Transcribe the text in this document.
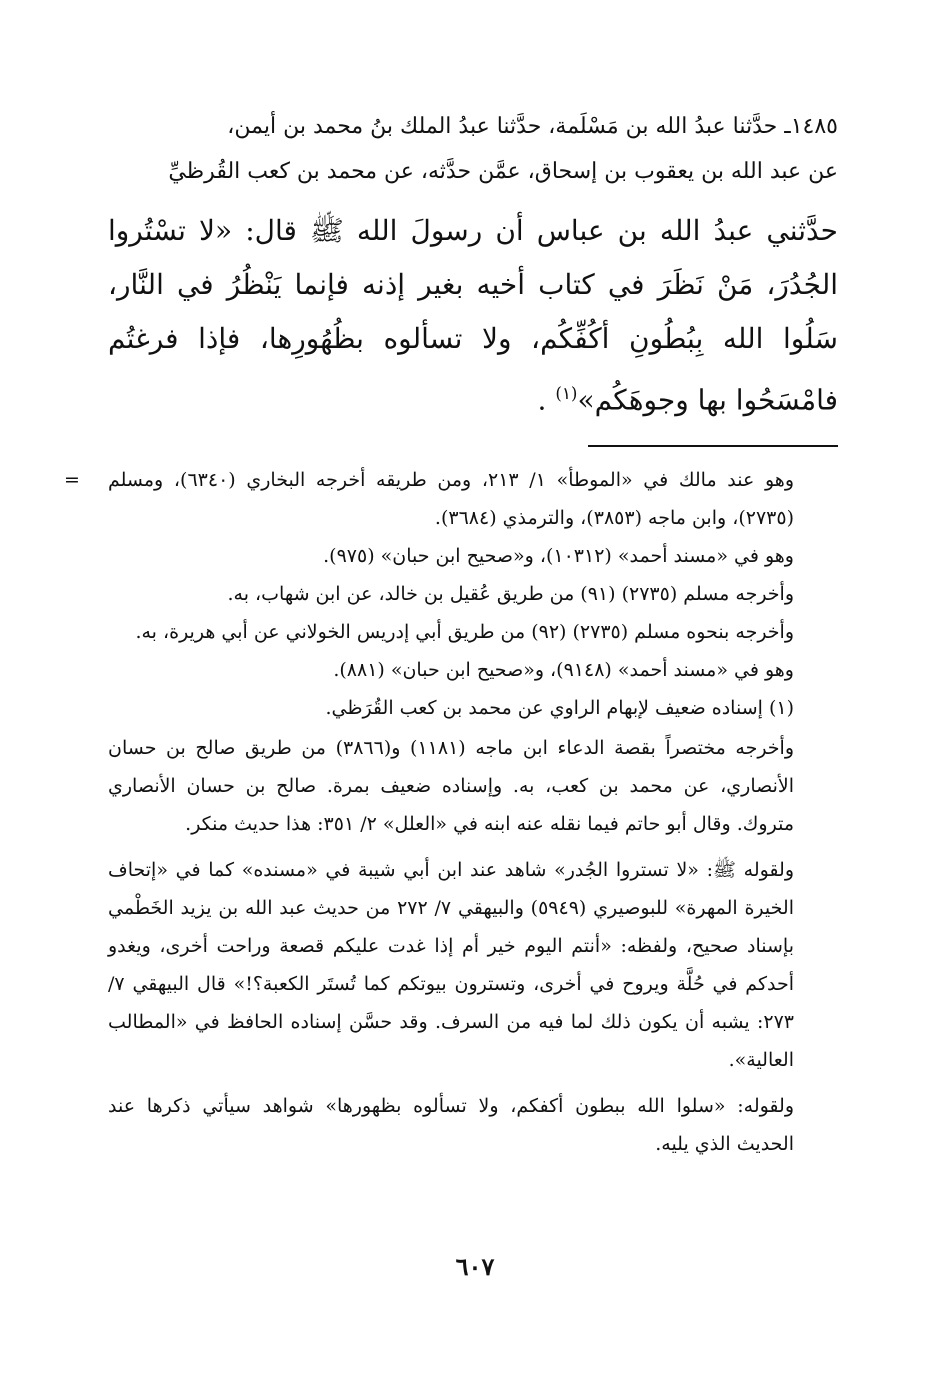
١٤٨٥ـ حدَّثنا عبدُ الله بن مَسْلَمة، حدَّثنا عبدُ الملك بنُ محمد بن أيمن،
عن عبد الله بن يعقوب بن إسحاق، عمَّن حدَّثه، عن محمد بن كعب القُرظيِّ

حدَّثني عبدُ الله بن عباس أن رسولَ الله ﷺ قال: «لا تسْتُروا الجُدُرَ، مَنْ نَظَرَ في كتاب أخيه بغير إذنه فإنما يَنْظُرُ في النَّار، سَلُوا الله بِبُطُونِ أكُفِّكُم، ولا تسألوه بظُهُورِها، فإذا فرغتُم فامْسَحُوا بها وجوهَكُم»$^{(١)}$ .

= وهو عند مالك في «الموطأ» ١/ ٢١٣، ومن طريقه أخرجه البخاري (٦٣٤٠)، ومسلم (٢٧٣٥)، وابن ماجه (٣٨٥٣)، والترمذي (٣٦٨٤).

وهو في «مسند أحمد» (١٠٣١٢)، و«صحيح ابن حبان» (٩٧٥).

وأخرجه مسلم (٢٧٣٥) (٩١) من طريق عُقيل بن خالد، عن ابن شهاب، به.

وأخرجه بنحوه مسلم (٢٧٣٥) (٩٢) من طريق أبي إدريس الخولاني عن أبي هريرة، به.

وهو في «مسند أحمد» (٩١٤٨)، و«صحيح ابن حبان» (٨٨١).

(١) إسناده ضعيف لإبهام الراوي عن محمد بن كعب القُرَظي.

وأخرجه مختصراً بقصة الدعاء ابن ماجه (١١٨١) و(٣٨٦٦) من طريق صالح بن حسان الأنصاري، عن محمد بن كعب، به. وإسناده ضعيف بمرة. صالح بن حسان الأنصاري متروك. وقال أبو حاتم فيما نقله عنه ابنه في «العلل» ٢/ ٣٥١: هذا حديث منكر.

ولقوله ﷺ: «لا تستروا الجُدر» شاهد عند ابن أبي شيبة في «مسنده» كما في «إتحاف الخيرة المهرة» للبوصيري (٥٩٤٩) والبيهقي ٧/ ٢٧٢ من حديث عبد الله بن يزيد الخَطْمي بإسناد صحيح، ولفظه: «أنتم اليوم خير أم إذا غدت عليكم قصعة وراحت أخرى، ويغدو أحدكم في حُلَّة ويروح في أخرى، وتسترون بيوتكم كما تُستَر الكعبة؟!» قال البيهقي ٧/ ٢٧٣: يشبه أن يكون ذلك لما فيه من السرف. وقد حسَّن إسناده الحافظ في «المطالب العالية».

ولقوله: «سلوا الله ببطون أكفكم، ولا تسألوه بظهورها» شواهد سيأتي ذكرها عند الحديث الذي يليه.

٦٠٧
